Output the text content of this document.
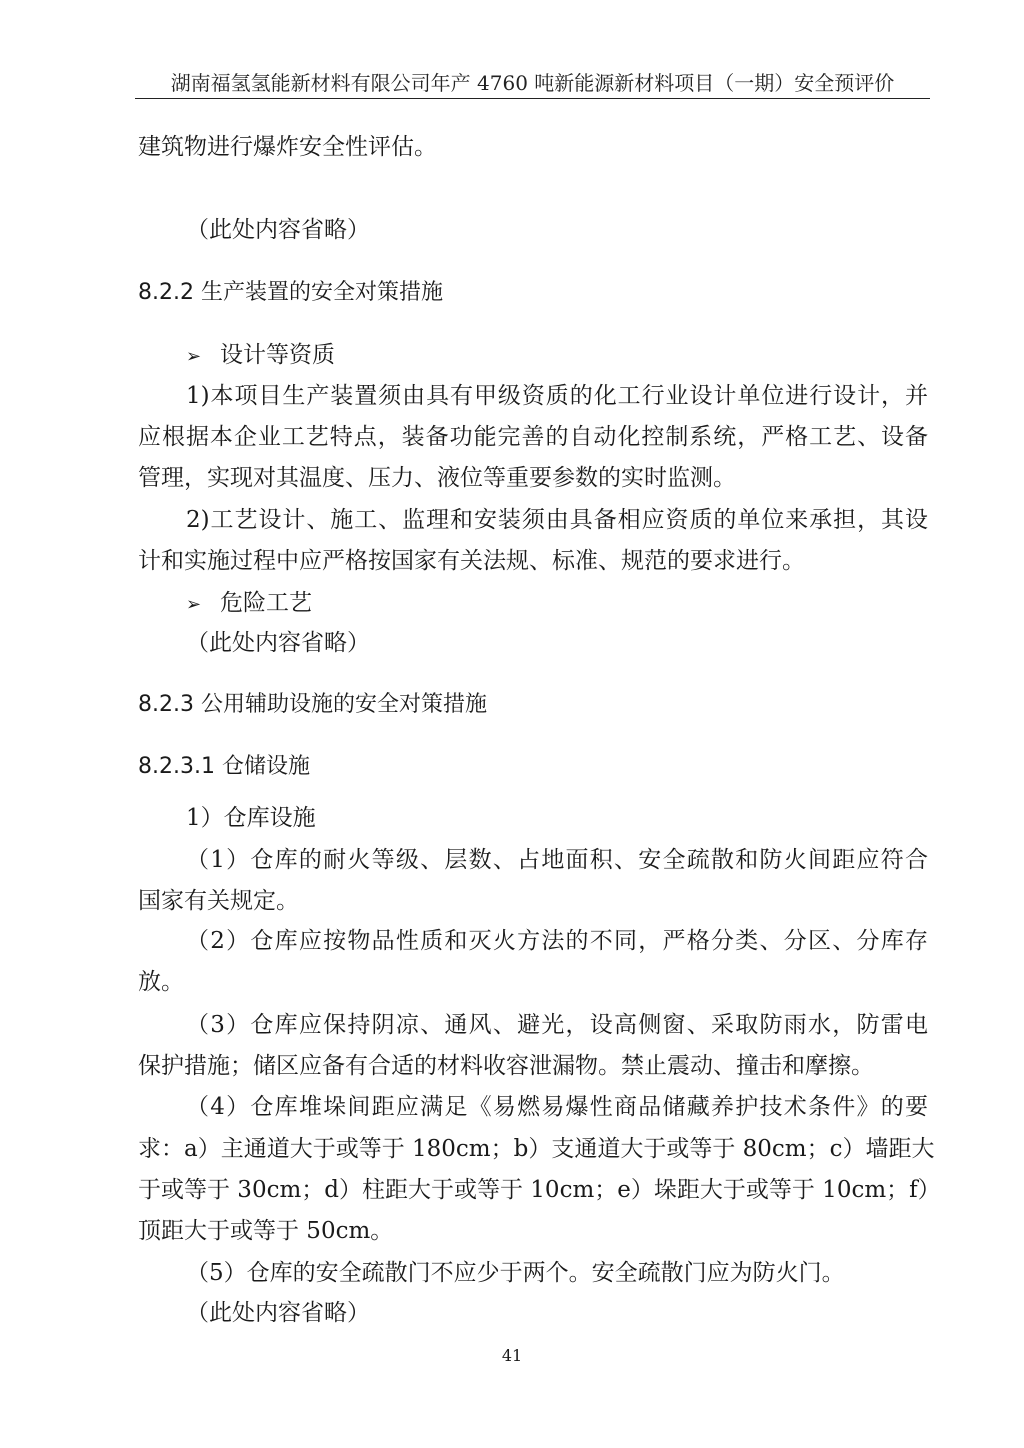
湖南福氢氢能新材料有限公司年产 4760 吨新能源新材料项目（一期）安全预评价
建筑物进行爆炸安全性评估。
（此处内容省略）
8.2.2 生产装置的安全对策措施
➢ 设计等资质
1)本项目生产装置须由具有甲级资质的化工行业设计单位进行设计，并
应根据本企业工艺特点，装备功能完善的自动化控制系统，严格工艺、设备
管理，实现对其温度、压力、液位等重要参数的实时监测。
2)工艺设计、施工、监理和安装须由具备相应资质的单位来承担，其设
计和实施过程中应严格按国家有关法规、标准、规范的要求进行。
➢ 危险工艺
（此处内容省略）
8.2.3 公用辅助设施的安全对策措施
8.2.3.1 仓储设施
1）仓库设施
（1）仓库的耐火等级、层数、占地面积、安全疏散和防火间距应符合
国家有关规定。
（2）仓库应按物品性质和灭火方法的不同，严格分类、分区、分库存
放。
（3）仓库应保持阴凉、通风、避光，设高侧窗、采取防雨水，防雷电
保护措施；储区应备有合适的材料收容泄漏物。禁止震动、撞击和摩擦。
（4）仓库堆垛间距应满足《易燃易爆性商品储藏养护技术条件》的要
求：a）主通道大于或等于 180cm；b）支通道大于或等于 80cm；c）墙距大
于或等于 30cm；d）柱距大于或等于 10cm；e）垛距大于或等于 10cm；f）
顶距大于或等于 50cm。
（5）仓库的安全疏散门不应少于两个。安全疏散门应为防火门。
（此处内容省略）
41
